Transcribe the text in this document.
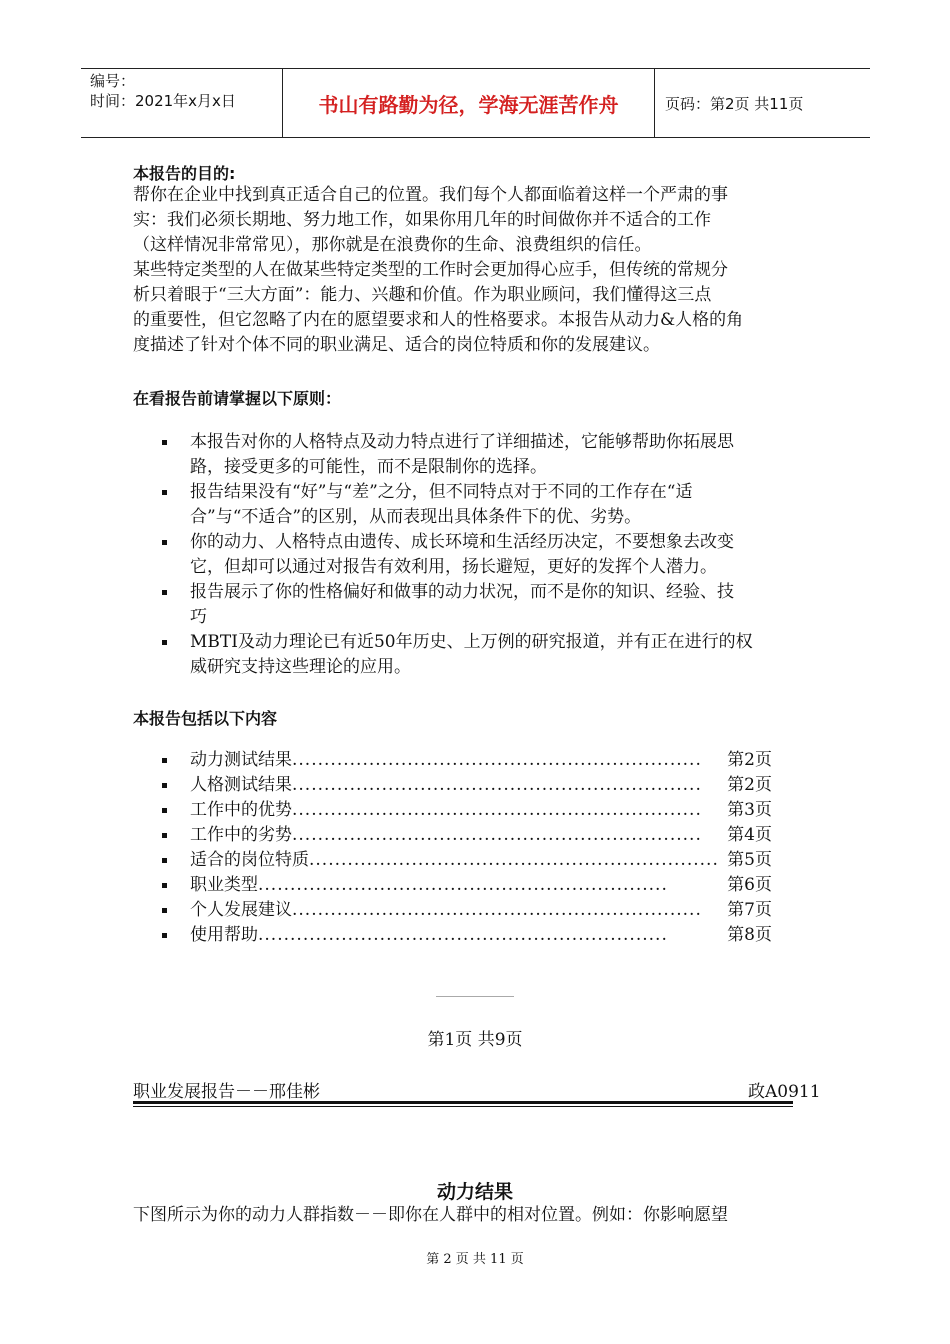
编号：
时间：2021年x月x日	书山有路勤为径，学海无涯苦作舟	页码：第2页 共11页
本报告的目的:
帮你在企业中找到真正适合自己的位置。我们每个人都面临着这样一个严肃的事
实：我们必须长期地、努力地工作，如果你用几年的时间做你并不适合的工作
（这样情况非常常见），那你就是在浪费你的生命、浪费组织的信任。
某些特定类型的人在做某些特定类型的工作时会更加得心应手，但传统的常规分
析只着眼于“三大方面”：能力、兴趣和价值。作为职业顾问，我们懂得这三点
的重要性，但它忽略了内在的愿望要求和人的性格要求。本报告从动力&人格的角
度描述了针对个体不同的职业满足、适合的岗位特质和你的发展建议。
在看报告前请掌握以下原则：
本报告对你的人格特点及动力特点进行了详细描述，它能够帮助你拓展思
路，接受更多的可能性，而不是限制你的选择。
报告结果没有“好”与“差”之分，但不同特点对于不同的工作存在“适
合”与“不适合”的区别，从而表现出具体条件下的优、劣势。
你的动力、人格特点由遗传、成长环境和生活经历决定，不要想象去改变
它，但却可以通过对报告有效利用，扬长避短，更好的发挥个人潜力。
报告展示了你的性格偏好和做事的动力状况，而不是你的知识、经验、技
巧
MBTI及动力理论已有近50年历史、上万例的研究报道，并有正在进行的权
威研究支持这些理论的应用。
本报告包括以下内容
动力测试结果 ................................................................	第2页
人格测试结果 ................................................................	第2页
工作中的优势 ................................................................	第3页
工作中的劣势 ................................................................	第4页
适合的岗位特质 ................................................................ 第5页
职业类型 ................................................................	第6页
个人发展建议 ................................................................	第7页
使用帮助 ................................................................	第8页
第1页 共9页
职业发展报告－－邢佳彬	政A0911
动力结果
下图所示为你的动力人群指数－－即你在人群中的相对位置。例如：你影响愿望
第 2 页 共 11 页
